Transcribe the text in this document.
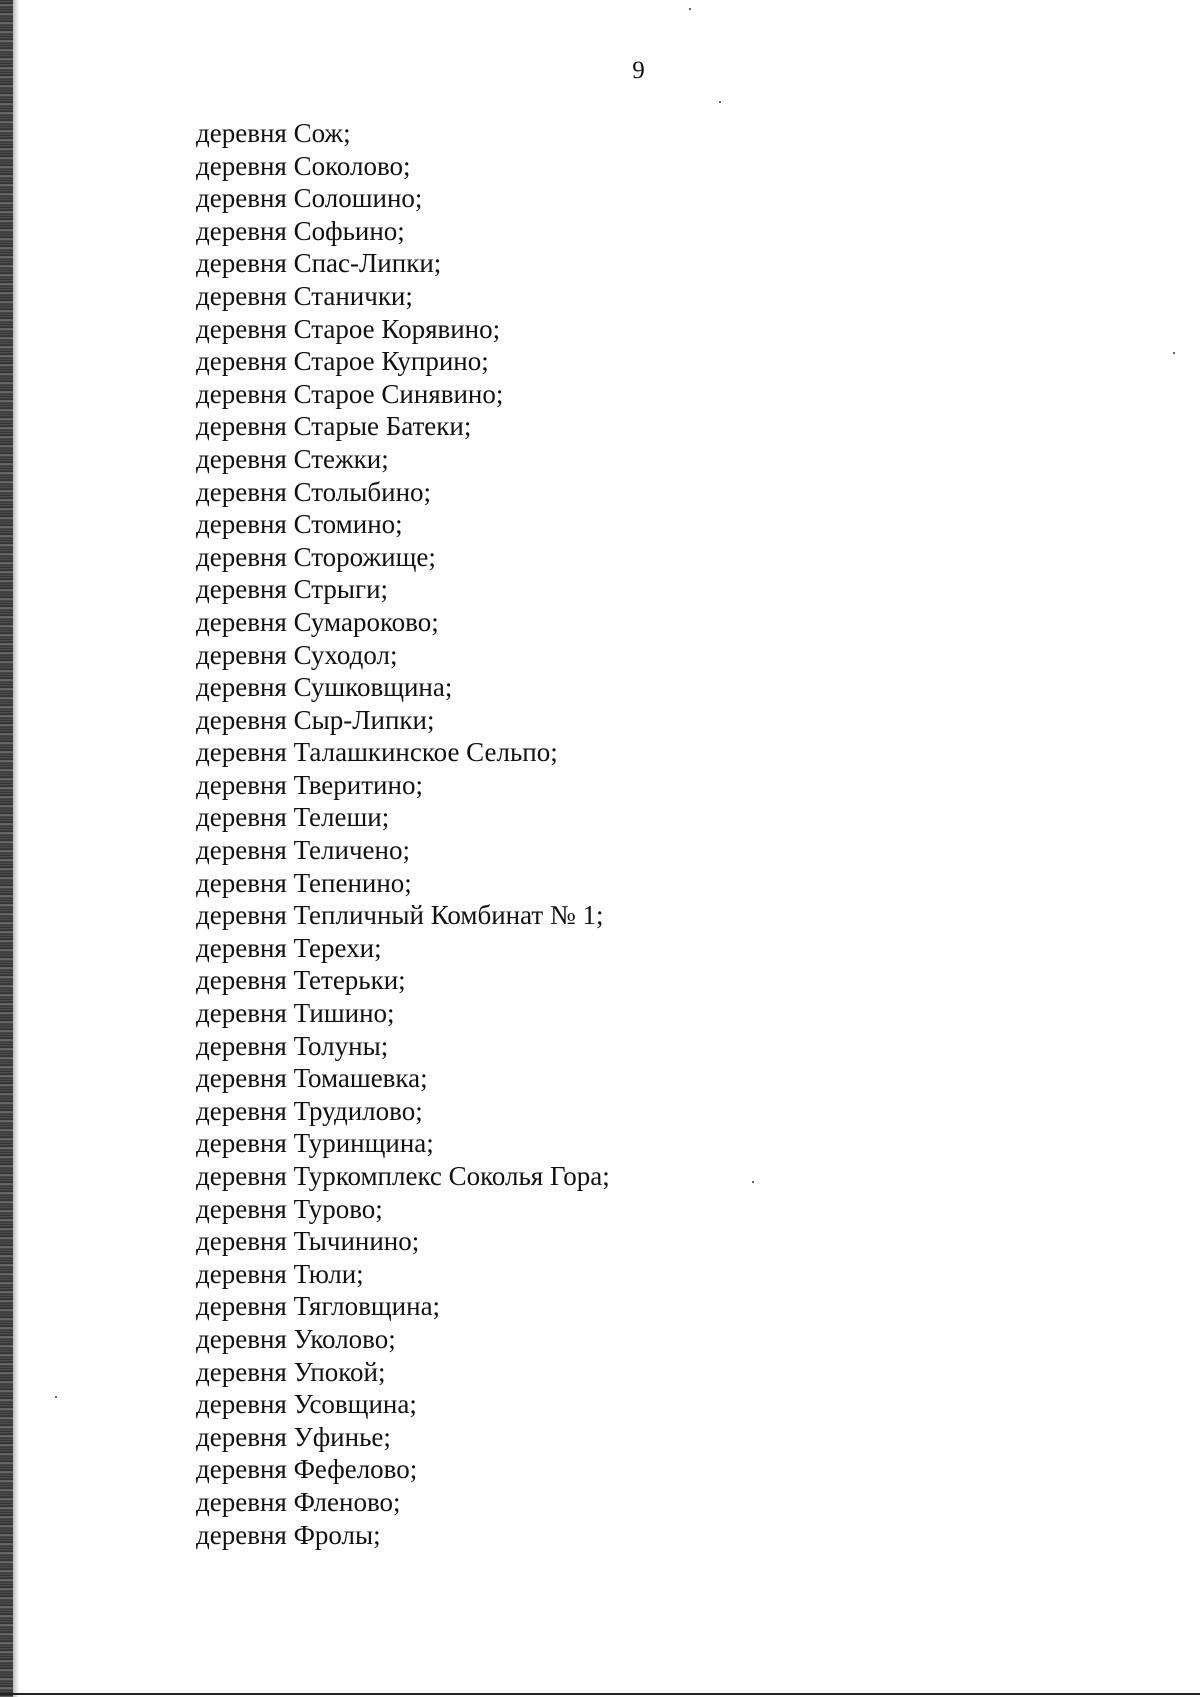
9
деревня Сож;
деревня Соколово;
деревня Солошино;
деревня Софьино;
деревня Спас-Липки;
деревня Станички;
деревня Старое Корявино;
деревня Старое Куприно;
деревня Старое Синявино;
деревня Старые Батеки;
деревня Стежки;
деревня Столыбино;
деревня Стомино;
деревня Сторожище;
деревня Стрыги;
деревня Сумароково;
деревня Суходол;
деревня Сушковщина;
деревня Сыр-Липки;
деревня Талашкинское Сельпо;
деревня Тверитино;
деревня Телеши;
деревня Теличено;
деревня Тепенино;
деревня Тепличный Комбинат № 1;
деревня Терехи;
деревня Тетерьки;
деревня Тишино;
деревня Толуны;
деревня Томашевка;
деревня Трудилово;
деревня Туринщина;
деревня Туркомплекс Соколья Гора;
деревня Турово;
деревня Тычинино;
деревня Тюли;
деревня Тягловщина;
деревня Уколово;
деревня Упокой;
деревня Усовщина;
деревня Уфинье;
деревня Фефелово;
деревня Фленово;
деревня Фролы;
